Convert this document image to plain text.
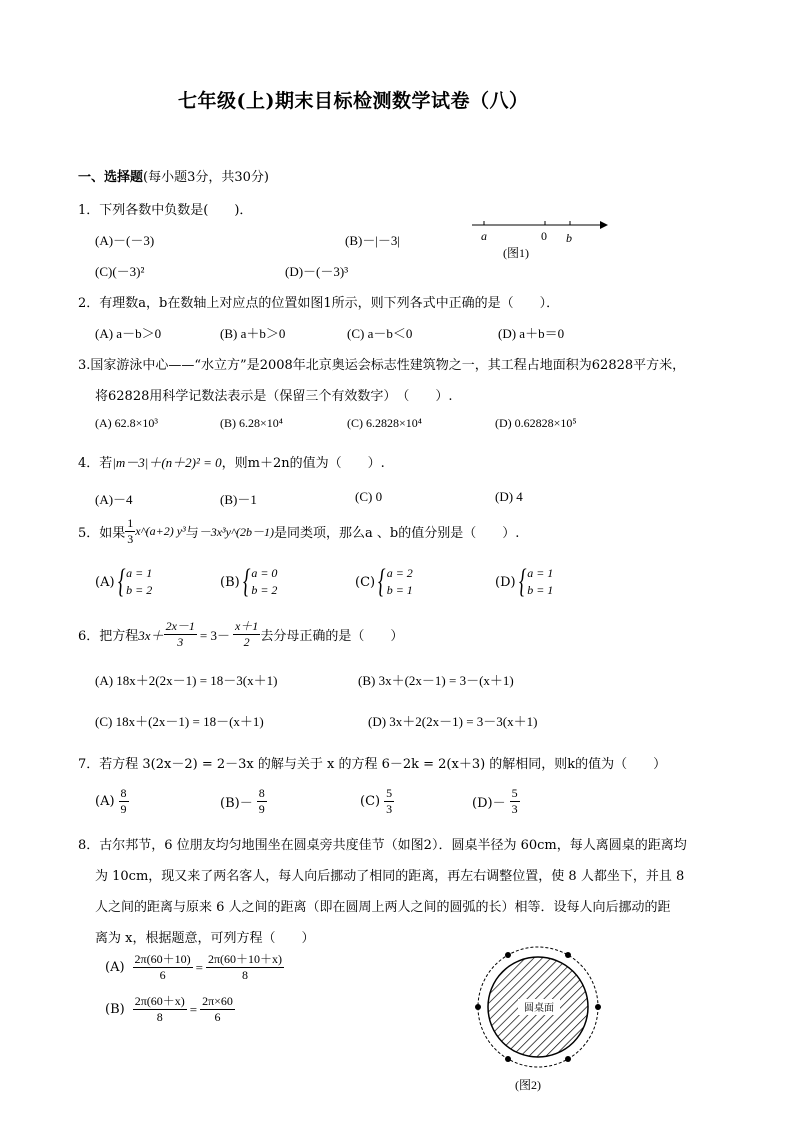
七年级(上)期末目标检测数学试卷（八）
一、选择题(每小题3分，共30分)
1．下列各数中负数是(　　)．
(A)－(－3)	(B)－|－3|
(C)(－3)²	(D)－(－3)³
a	0 b
(图1)
2．有理数a，b在数轴上对应点的位置如图1所示，则下列各式中正确的是（　　）．
(A) a－b＞0	(B) a＋b＞0	(C) a－b＜0	(D) a＋b＝0
3.国家游泳中心——“水立方”是2008年北京奥运会标志性建筑物之一，其工程占地面积为62828平方米，
将62828用科学记数法表示是（保留三个有效数字）　（　　）.
(A) 62.8×10³	(B) 6.28×10⁴	(C) 6.2828×10⁴	(D) 0.62828×10⁵
4．若|m－3|＋(n＋2)² = 0，则m＋2n的值为（　　）.
(A)－4	(B)－1	(C) 0	(D) 4
5．如果 $\frac{1}{3}$ x^(a+2) y³ 与 －3x³y^(2b－1) 是同类项，那么a 、b的值分别是（　　）.
(A) { a = 1
b = 2
(B) { a = 0
b = 2
(C) { a = 2
b = 1
(D) { a = 1
b = 1
6．把方程 $3x+ \frac{2x-1}{3} = 3- \frac{x+1}{2}$ 去分母正确的是（　　）
(A) 18x＋2(2x－1) = 18－3(x＋1)	(B) 3x＋(2x－1) = 3－(x＋1)
(C) 18x＋(2x－1) = 18－(x＋1)	(D) 3x＋2(2x－1) = 3－3(x＋1)
7．若方程 3(2x－2) = 2－3x 的解与关于 x 的方程 6－2k = 2(x＋3) 的解相同，则k的值为（　　）
$(A) \frac{8}{9}$	$(B)- \frac{8}{9}$	$(C) \frac{5}{3}$	$(D)- \frac{5}{3}$
8．古尔邦节，6 位朋友均匀地围坐在圆桌旁共度佳节（如图2）．圆桌半径为 60cm，每人离圆桌的距离均
为 10cm，现又来了两名客人，每人向后挪动了相同的距离，再左右调整位置，使 8 人都坐下，并且 8
人之间的距离与原来 6 人之间的距离（即在圆周上两人之间的圆弧的长）相等．设每人向后挪动的距
离为 x，根据题意，可列方程（　　）
$(A) \frac{2\pi(60+10)}{6} = \frac{2\pi(60+10+x)}{8}$
$(B) \frac{2\pi(60+x)}{8} = \frac{2\pi\times 60}{6}$	圆桌面
(图2)
